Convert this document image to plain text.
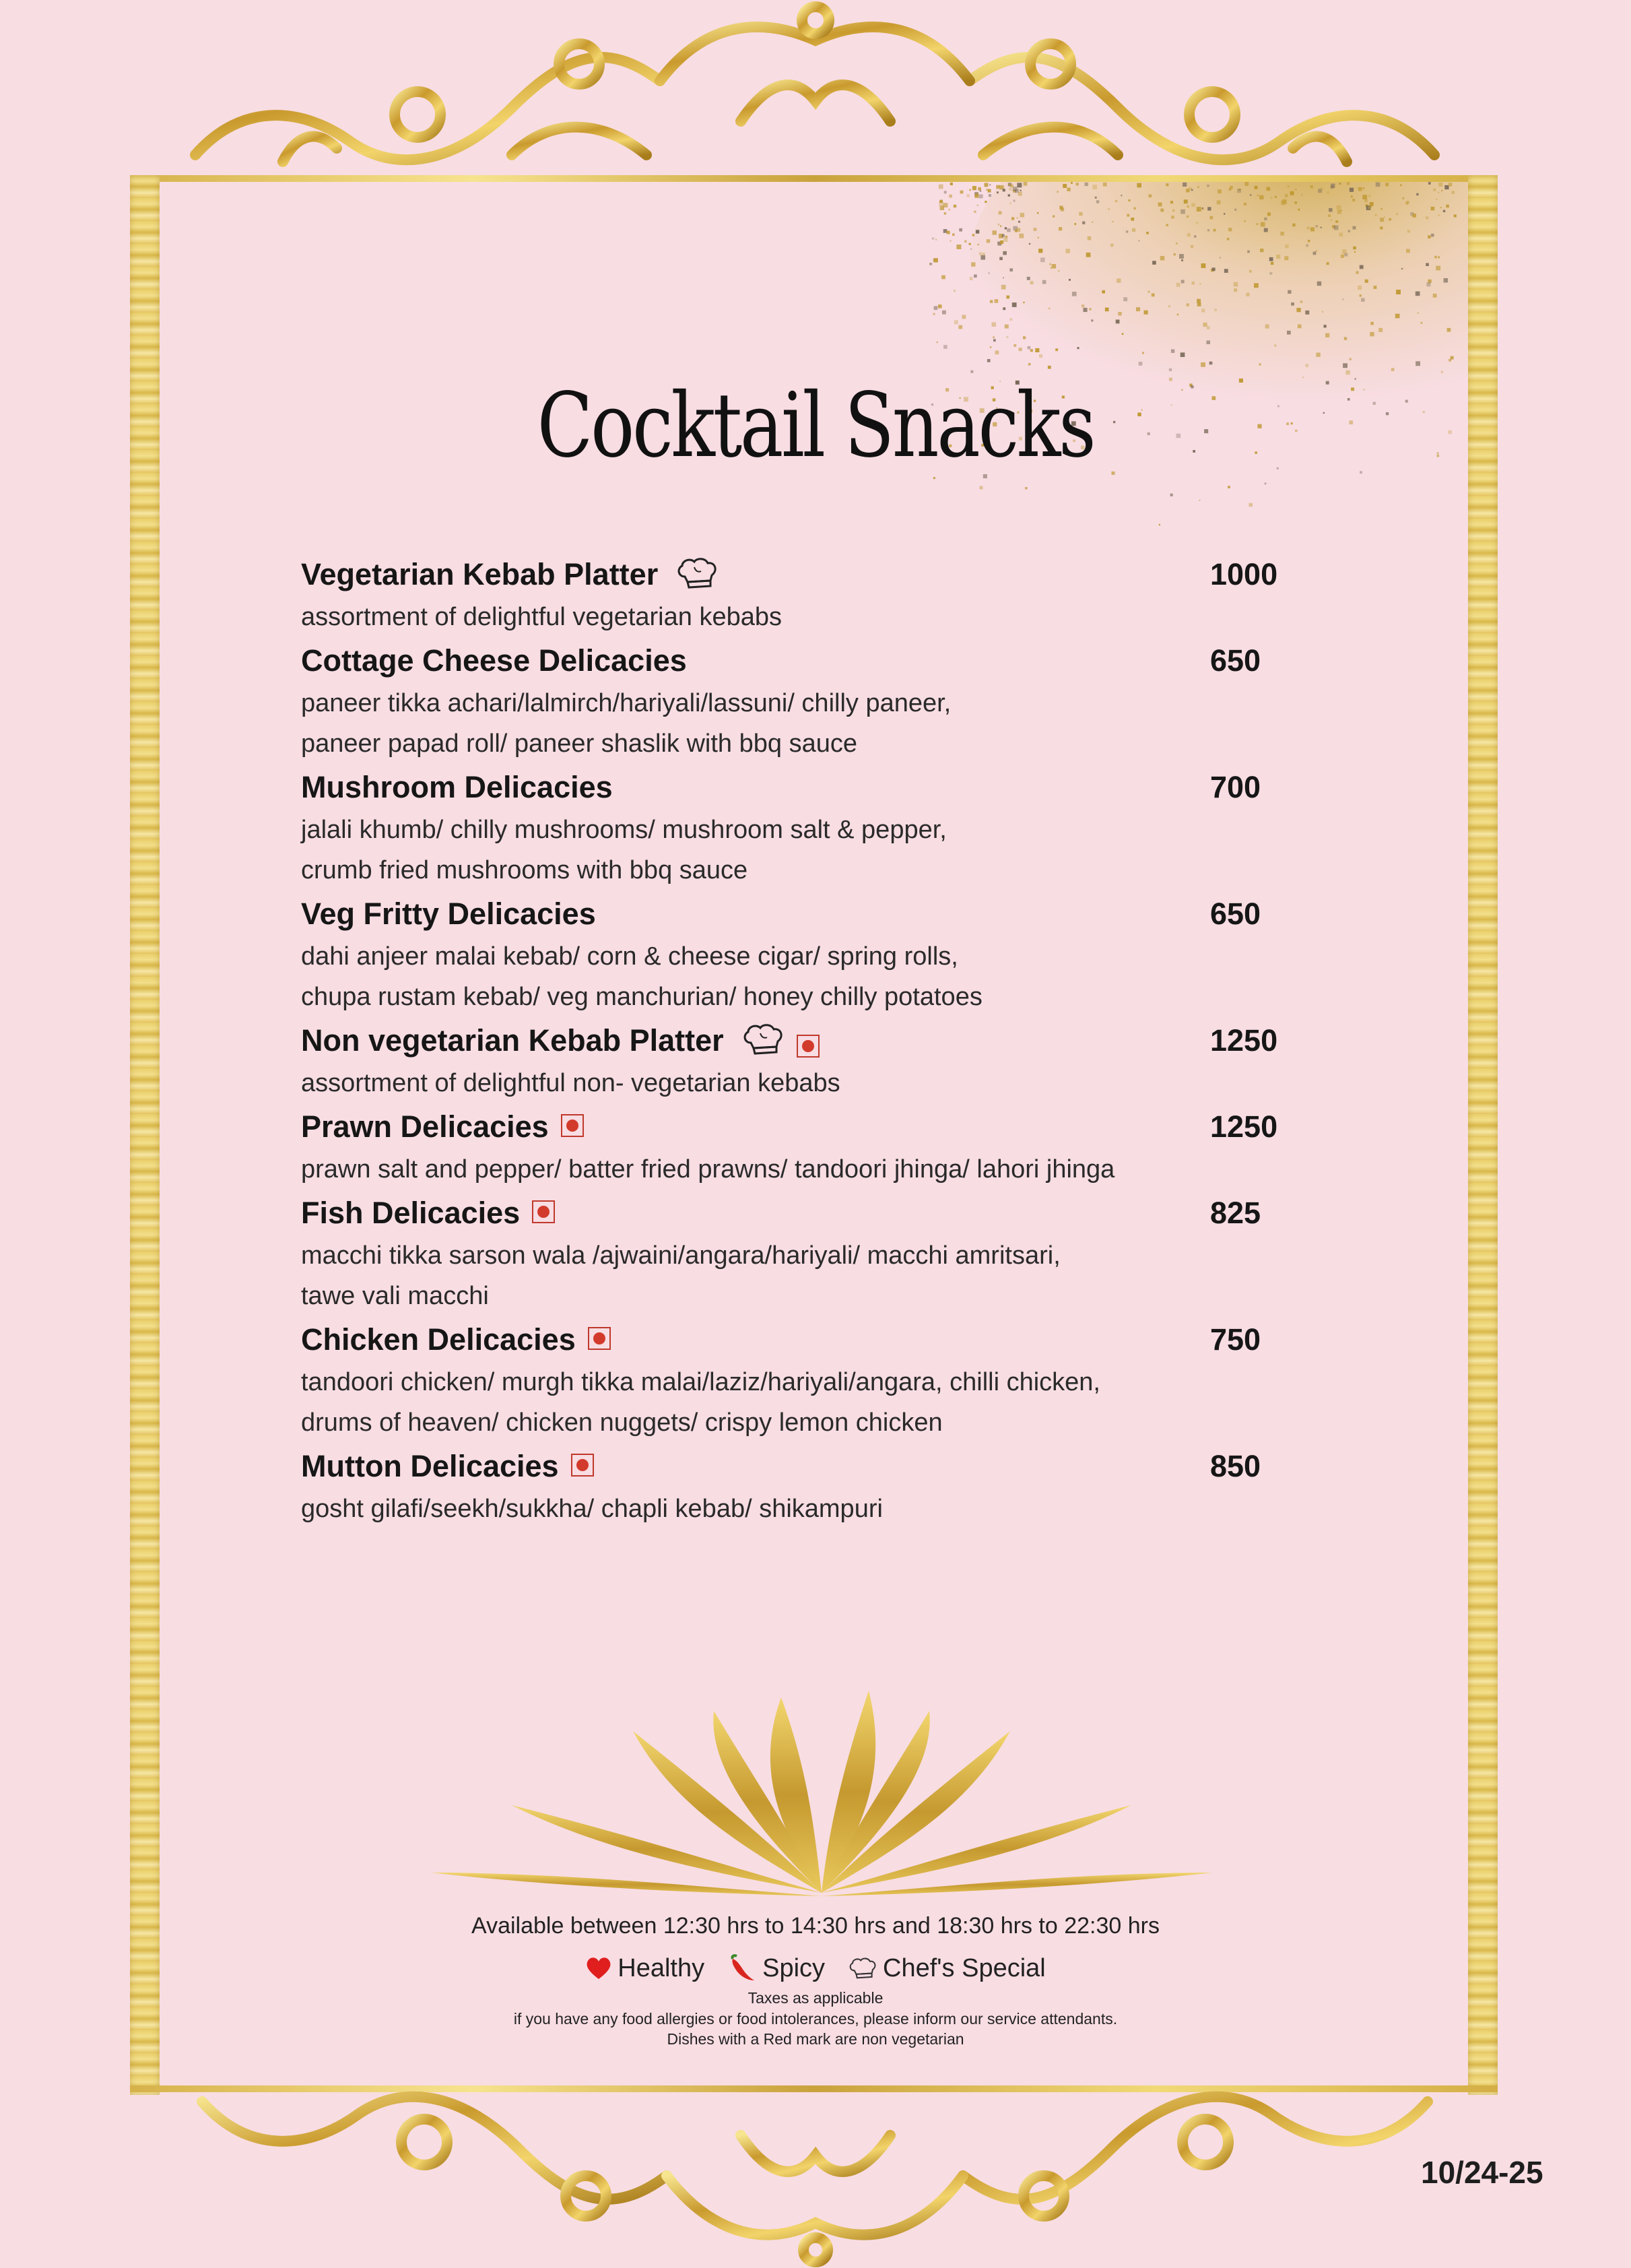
Cocktail Snacks
Vegetarian Kebab Platter	1000
assortment of delightful vegetarian kebabs
Cottage Cheese Delicacies	650
paneer tikka achari/lalmirch/hariyali/lassuni/ chilly paneer,
paneer papad roll/ paneer shaslik with bbq sauce
Mushroom Delicacies	700
jalali khumb/ chilly mushrooms/ mushroom salt & pepper,
crumb fried mushrooms with bbq sauce
Veg Fritty Delicacies	650
dahi anjeer malai kebab/ corn & cheese cigar/ spring rolls,
chupa rustam kebab/ veg manchurian/ honey chilly potatoes
Non vegetarian Kebab Platter	1250
assortment of delightful non- vegetarian kebabs
Prawn Delicacies	1250
prawn salt and pepper/ batter fried prawns/ tandoori jhinga/ lahori jhinga
Fish Delicacies	825
macchi tikka sarson wala /ajwaini/angara/hariyali/ macchi amritsari,
tawe vali macchi
Chicken Delicacies	750
tandoori chicken/ murgh tikka malai/laziz/hariyali/angara, chilli chicken,
drums of heaven/ chicken nuggets/ crispy lemon chicken
Mutton Delicacies	850
gosht gilafi/seekh/sukkha/ chapli kebab/ shikampuri
Available between 12:30 hrs to 14:30 hrs and 18:30 hrs to 22:30 hrs
Healthy Spicy Chef's Special
Taxes as applicable
if you have any food allergies or food intolerances, please inform our service attendants.
Dishes with a Red mark are non vegetarian
10/24-25
